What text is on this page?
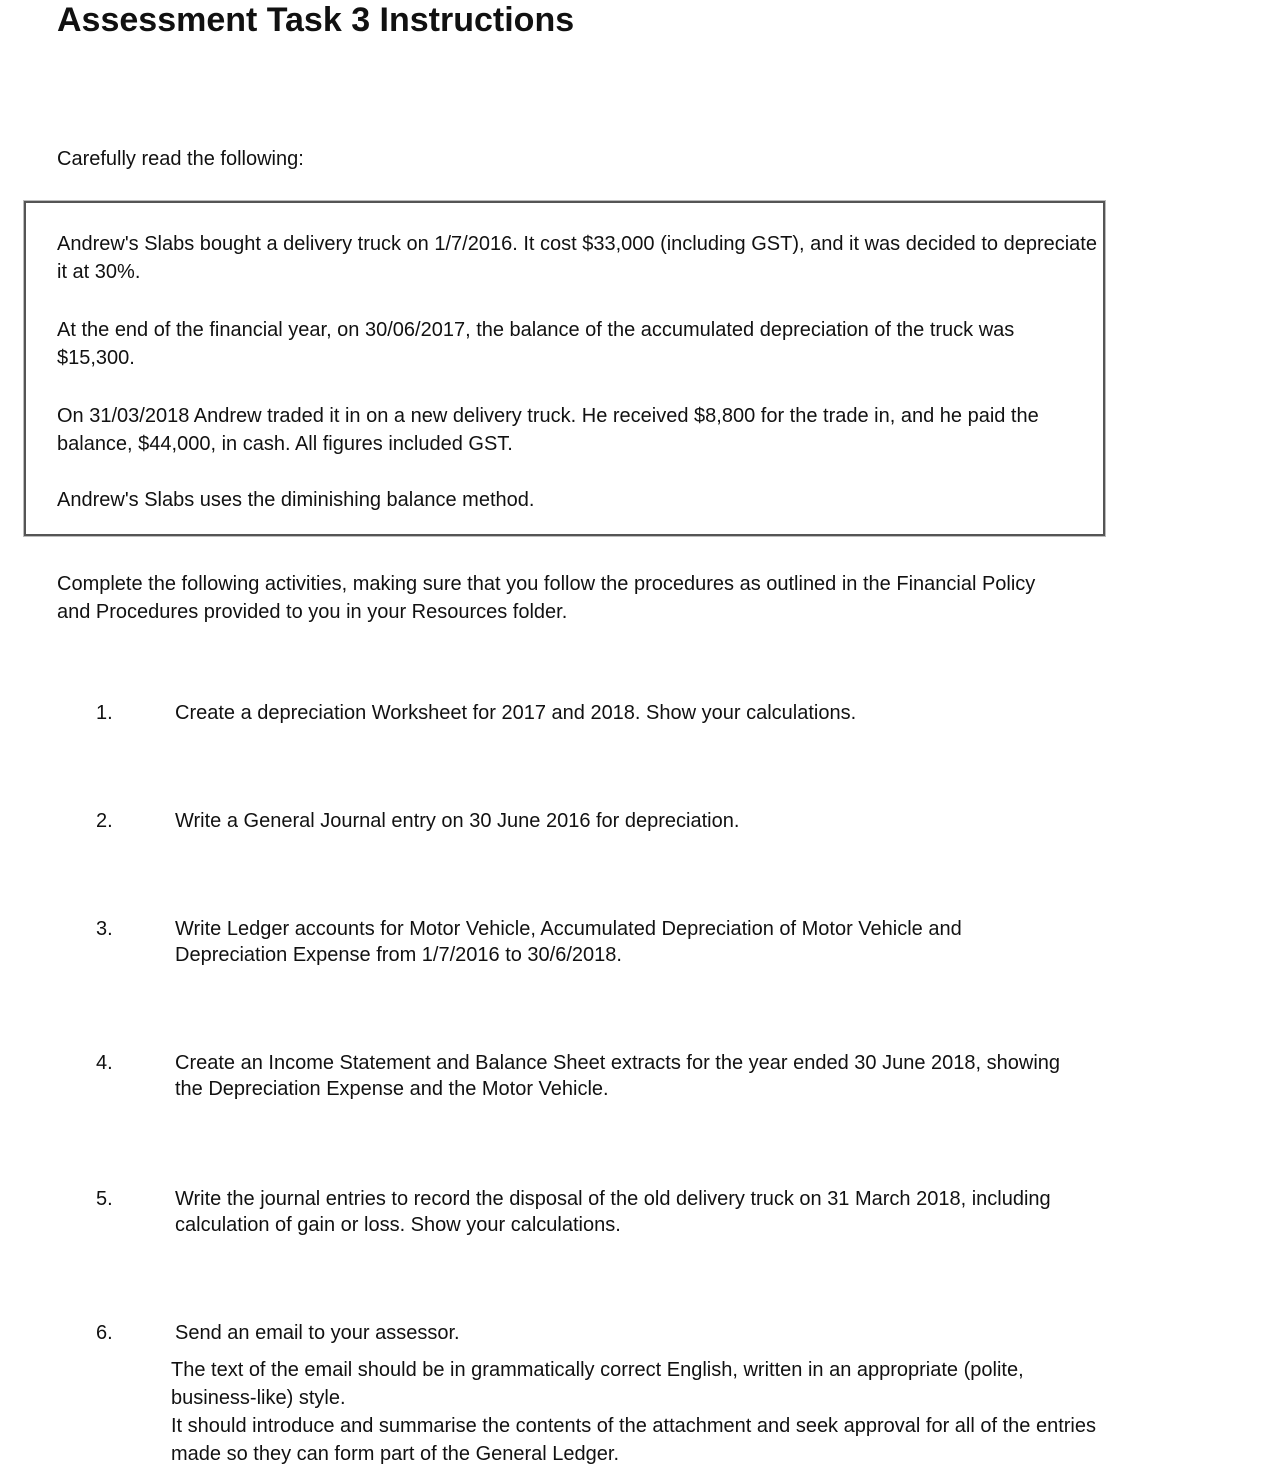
Assessment Task 3 Instructions

Carefully read the following:

Andrew's Slabs bought a delivery truck on 1/7/2016. It cost $33,000 (including GST), and it was decided to depreciate it at 30%.

At the end of the financial year, on 30/06/2017, the balance of the accumulated depreciation of the truck was $15,300.

On 31/03/2018 Andrew traded it in on a new delivery truck. He received $8,800 for the trade in, and he paid the balance, $44,000, in cash. All figures included GST.

Andrew's Slabs uses the diminishing balance method.

Complete the following activities, making sure that you follow the procedures as outlined in the Financial Policy and Procedures provided to you in your Resources folder.

1.	Create a depreciation Worksheet for 2017 and 2018. Show your calculations.
2.	Write a General Journal entry on 30 June 2016 for depreciation.
3.	Write Ledger accounts for Motor Vehicle, Accumulated Depreciation of Motor Vehicle and Depreciation Expense from 1/7/2016 to 30/6/2018.
4.	Create an Income Statement and Balance Sheet extracts for the year ended 30 June 2018, showing the Depreciation Expense and the Motor Vehicle.
5.	Write the journal entries to record the disposal of the old delivery truck on 31 March 2018, including calculation of gain or loss. Show your calculations.
6.	Send an email to your assessor.

The text of the email should be in grammatically correct English, written in an appropriate (polite, business-like) style.
It should introduce and summarise the contents of the attachment and seek approval for all of the entries made so they can form part of the General Ledger.
